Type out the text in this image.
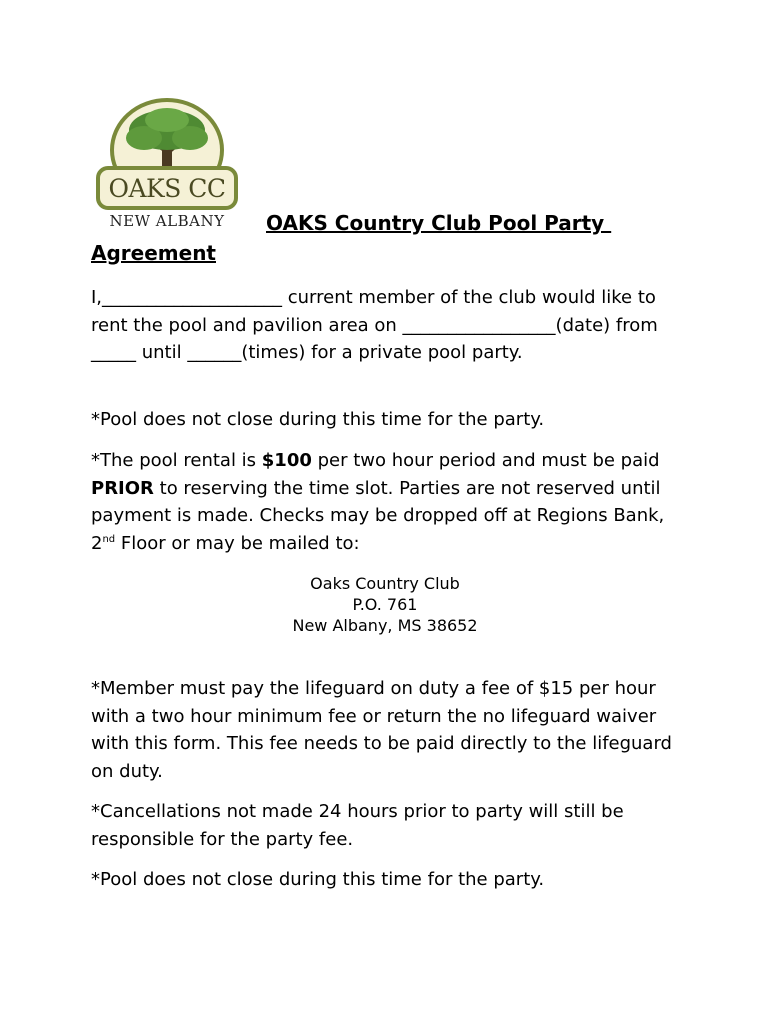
OAKS CC
NEW ALBANY	OAKS Country Club Pool Party
Agreement
I,____________________ current member of the club would like to rent the pool and pavilion area on _________________(date) from _____ until ______(times) for a private pool party.
*Pool does not close during this time for the party.
*The pool rental is $100 per two hour period and must be paid PRIOR to reserving the time slot. Parties are not reserved until payment is made. Checks may be dropped off at Regions Bank, 2nd Floor or may be mailed to:
Oaks Country Club
P.O. 761
New Albany, MS 38652
*Member must pay the lifeguard on duty a fee of $15 per hour with a two hour minimum fee or return the no lifeguard waiver with this form. This fee needs to be paid directly to the lifeguard on duty.
*Cancellations not made 24 hours prior to party will still be responsible for the party fee.
*Pool does not close during this time for the party.
